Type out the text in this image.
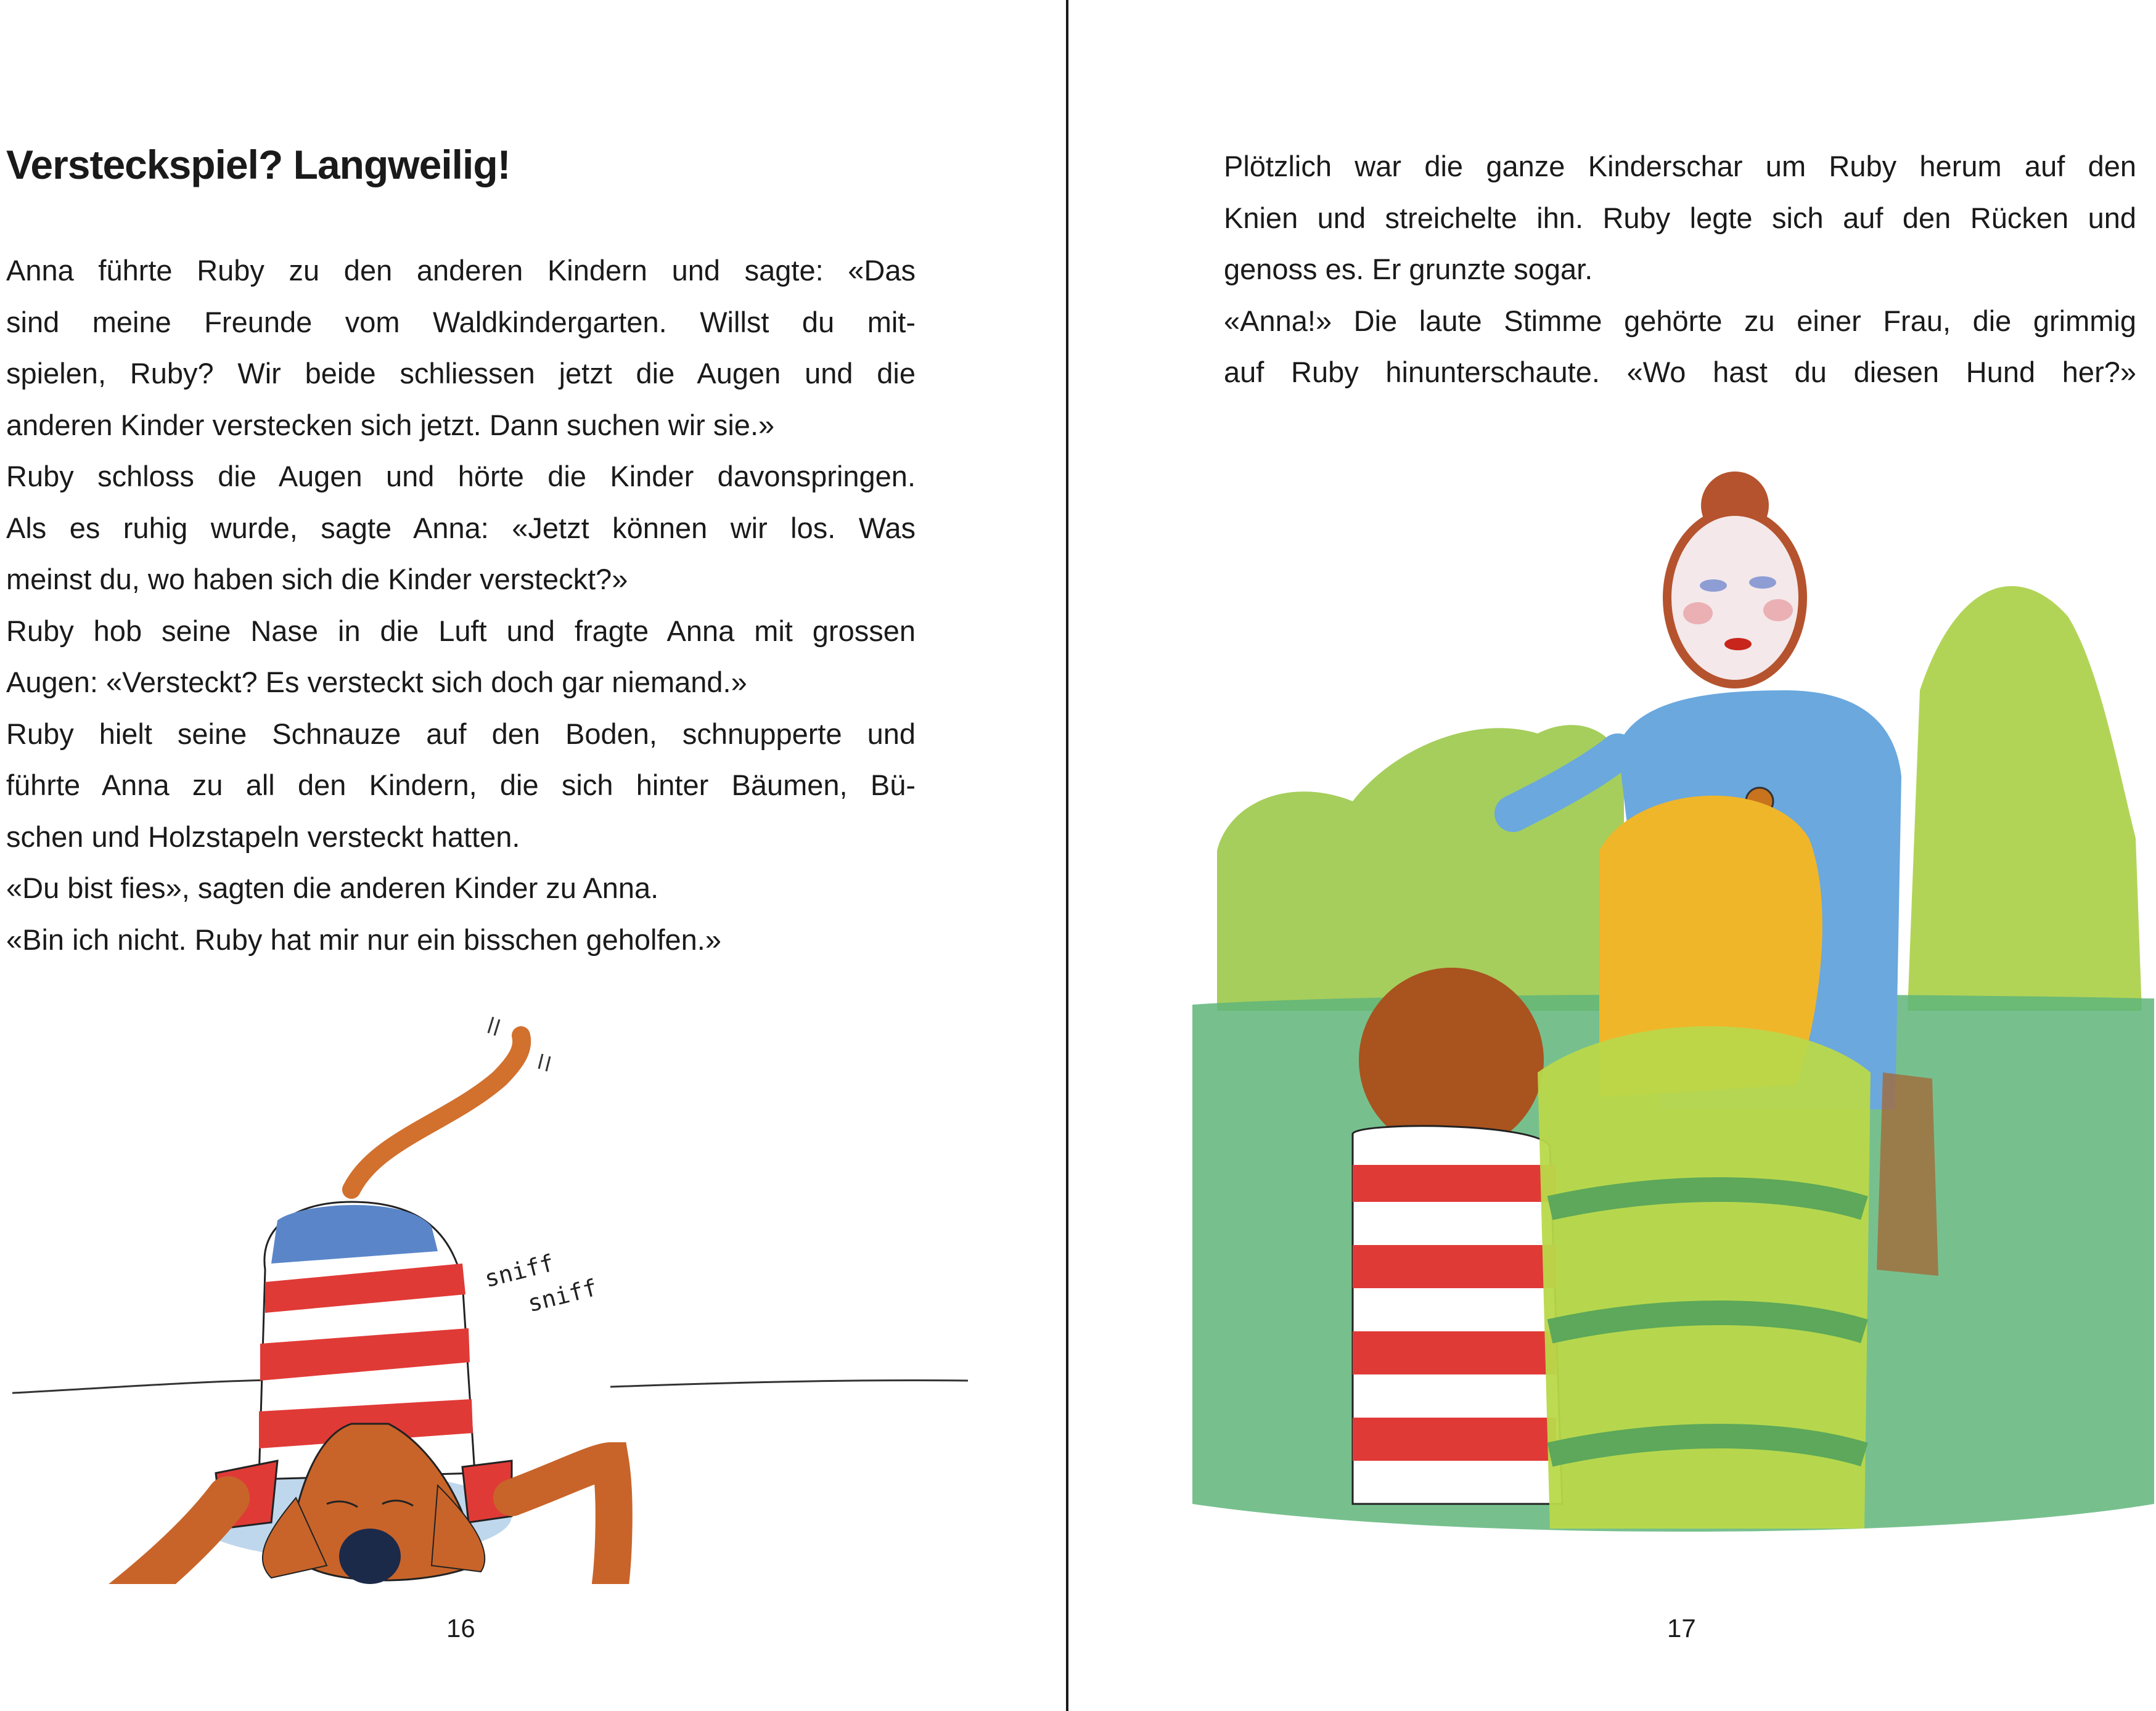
Versteckspiel? Langweilig!
Anna führte Ruby zu den anderen Kindern und sagte: «Das
sind meine Freunde vom Waldkindergarten. Willst du mit-
spielen, Ruby? Wir beide schliessen jetzt die Augen und die
anderen Kinder verstecken sich jetzt. Dann suchen wir sie.»
Ruby schloss die Augen und hörte die Kinder davonspringen.
Als es ruhig wurde, sagte Anna: «Jetzt können wir los. Was
meinst du, wo haben sich die Kinder versteckt?»
Ruby hob seine Nase in die Luft und fragte Anna mit grossen
Augen: «Versteckt? Es versteckt sich doch gar niemand.»
Ruby hielt seine Schnauze auf den Boden, schnupperte und
führte Anna zu all den Kindern, die sich hinter Bäumen, Bü-
schen und Holzstapeln versteckt hatten.
«Du bist fies», sagten die anderen Kinder zu Anna.
«Bin ich nicht. Ruby hat mir nur ein bisschen geholfen.»
sniff
sniff
16
Plötzlich war die ganze Kinderschar um Ruby herum auf den
Knien und streichelte ihn. Ruby legte sich auf den Rücken und
genoss es. Er grunzte sogar.
«Anna!» Die laute Stimme gehörte zu einer Frau, die grimmig
auf Ruby hinunterschaute. «Wo hast du diesen Hund her?»
17
